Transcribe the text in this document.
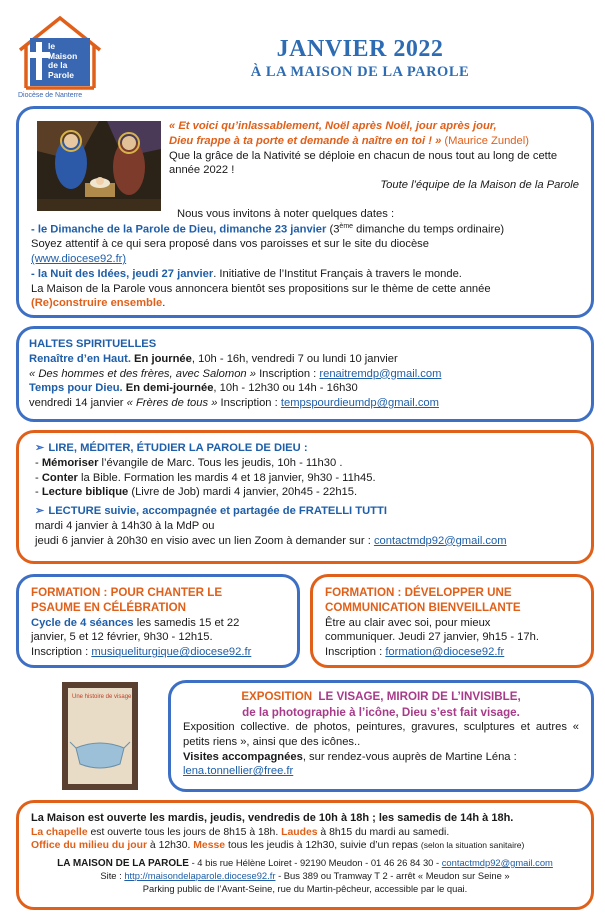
le
Maison
de la
Parole
Diocèse de Nanterre
JANVIER 2022
À LA MAISON DE LA PAROLE
« Et voici qu’inlassablement, Noël après Noël, jour après jour,
Dieu frappe à ta porte et demande à naître en toi ! » (Maurice Zundel)
Que la grâce de la Nativité se déploie en chacun de nous tout au long de cette année 2022 !
Toute l’équipe de la Maison de la Parole
Nous vous invitons à noter quelques dates :
- le Dimanche de la Parole de Dieu, dimanche 23 janvier (3ème dimanche du temps ordinaire)
Soyez attentif à ce qui sera proposé dans vos paroisses et sur le site du diocèse
(www.diocese92.fr)
- la Nuit des Idées, jeudi 27 janvier. Initiative de l’Institut Français à travers le monde.
La Maison de la Parole vous annoncera bientôt ses propositions sur le thème de cette année
(Re)construire ensemble.
HALTES SPIRITUELLES
Renaître d’en Haut. En journée, 10h - 16h, vendredi 7 ou lundi 10 janvier
« Des hommes et des frères, avec Salomon » Inscription : renaitremdp@gmail.com
Temps pour Dieu. En demi-journée, 10h - 12h30 ou 14h - 16h30
vendredi 14 janvier « Frères de tous » Inscription : tempspourdieumdp@gmail.com
➢ LIRE, MÉDITER, ÉTUDIER LA PAROLE DE DIEU :
- Mémoriser l’évangile de Marc. Tous les jeudis, 10h - 11h30 .
- Conter la Bible. Formation les mardis 4 et 18 janvier, 9h30 - 11h45.
- Lecture biblique (Livre de Job) mardi 4 janvier, 20h45 - 22h15.
➢ LECTURE suivie, accompagnée et partagée de FRATELLI TUTTI
mardi 4 janvier à 14h30 à la MdP ou
jeudi 6 janvier à 20h30 en visio avec un lien Zoom à demander sur : contactmdp92@gmail.com
FORMATION : POUR CHANTER LE
PSAUME EN CÉLÉBRATION
Cycle de 4 séances les samedis 15 et 22
janvier, 5 et 12 février, 9h30 - 12h15.
Inscription : musiqueliturgique@diocese92.fr
FORMATION : DÉVELOPPER UNE
COMMUNICATION BIENVEILLANTE
Être au clair avec soi, pour mieux
communiquer. Jeudi 27 janvier, 9h15 - 17h.
Inscription : formation@diocese92.fr
Une histoire de visage	EXPOSITION LE VISAGE, MIROIR DE L’INVISIBLE,
de la photographie à l’icône, Dieu s’est fait visage.
Exposition collective. de photos, peintures, gravures, sculptures et autres « petits riens », ainsi que des icônes..
Visites accompagnées, sur rendez-vous auprès de Martine Léna :
lena.tonnellier@free.fr
La Maison est ouverte les mardis, jeudis, vendredis de 10h à 18h ; les samedis de 14h à 18h.
La chapelle est ouverte tous les jours de 8h15 à 18h. Laudes à 8h15 du mardi au samedi.
Office du milieu du jour à 12h30. Messe tous les jeudis à 12h30, suivie d’un repas (selon la situation sanitaire)
LA MAISON DE LA PAROLE - 4 bis rue Hélène Loiret - 92190 Meudon - 01 46 26 84 30 - contactmdp92@gmail.com
Site : http://maisondelaparole.diocese92.fr - Bus 389 ou Tramway T 2 - arrêt « Meudon sur Seine »
Parking public de l’Avant-Seine, rue du Martin-pêcheur, accessible par le quai.
